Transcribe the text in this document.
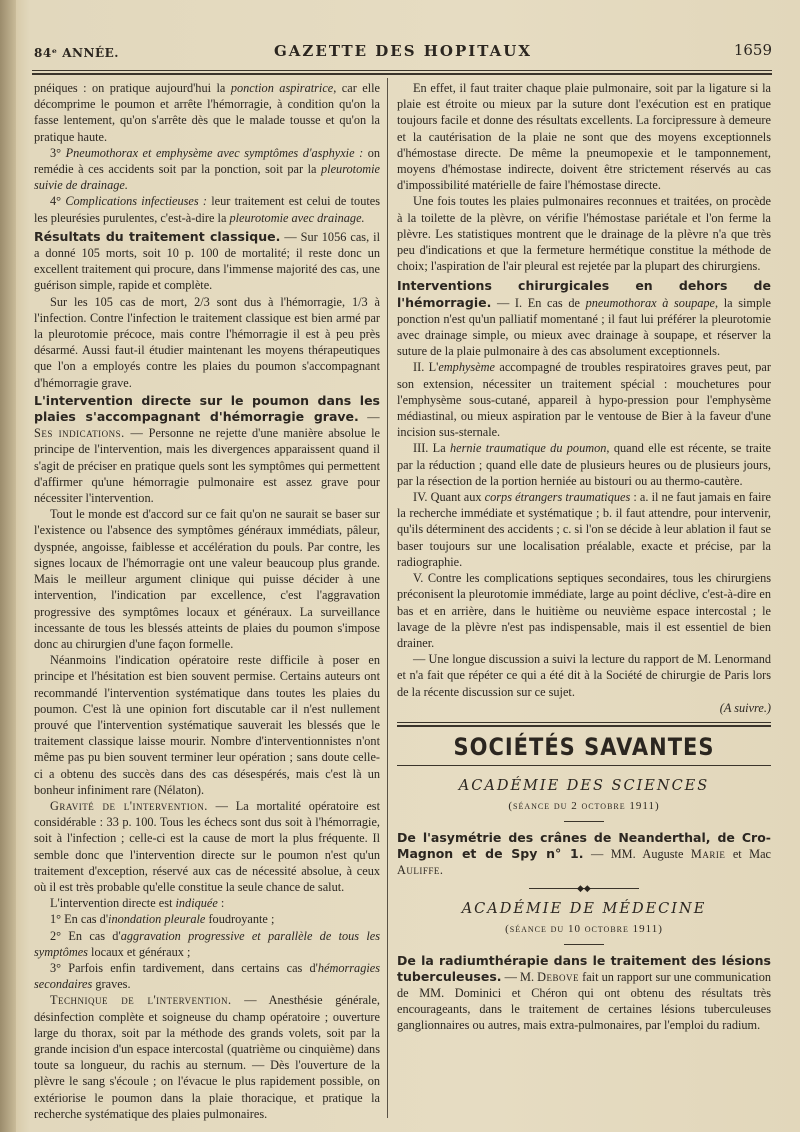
84ᵉ ANNÉE.	GAZETTE DES HOPITAUX	1659

pnéiques : on pratique aujourd'hui la ponction aspiratrice, car elle décomprime le poumon et arrête l'hémorragie, à condition qu'on la fasse lentement, qu'on s'arrête dès que le malade tousse et qu'on la pratique haute.

3° Pneumothorax et emphysème avec symptômes d'asphyxie : on remédie à ces accidents soit par la ponction, soit par la pleurotomie suivie de drainage.

4° Complications infectieuses : leur traitement est celui de toutes les pleurésies purulentes, c'est-à-dire la pleurotomie avec drainage.

Résultats du traitement classique. — Sur 1056 cas, il a donné 105 morts, soit 10 p. 100 de mortalité; il reste donc un excellent traitement qui procure, dans l'immense majorité des cas, une guérison simple, rapide et complète.

Sur les 105 cas de mort, 2/3 sont dus à l'hémorragie, 1/3 à l'infection. Contre l'infection le traitement classique est bien armé par la pleurotomie précoce, mais contre l'hémorragie il est à peu près désarmé. Aussi faut-il étudier maintenant les moyens thérapeutiques que l'on a employés contre les plaies du poumon s'accompagnant d'hémorragie grave.

L'intervention directe sur le poumon dans les plaies s'accompagnant d'hémorragie grave. — Ses indications. — Personne ne rejette d'une manière absolue le principe de l'intervention, mais les divergences apparaissent quand il s'agit de préciser en pratique quels sont les symptômes qui permettent d'affirmer qu'une hémorragie pulmonaire est assez grave pour nécessiter l'intervention.

Tout le monde est d'accord sur ce fait qu'on ne saurait se baser sur l'existence ou l'absence des symptômes généraux immédiats, pâleur, dyspnée, angoisse, faiblesse et accélération du pouls. Par contre, les signes locaux de l'hémorragie ont une valeur beaucoup plus grande. Mais le meilleur argument clinique qui puisse décider à une intervention, l'indication par excellence, c'est l'aggravation progressive des symptômes locaux et généraux. La surveillance incessante de tous les blessés atteints de plaies du poumon s'impose donc au chirurgien d'une façon formelle.

Néanmoins l'indication opératoire reste difficile à poser en principe et l'hésitation est bien souvent permise. Certains auteurs ont recommandé l'intervention systématique dans toutes les plaies du poumon. C'est là une opinion fort discutable car il n'est nullement prouvé que l'intervention systématique sauverait les blessés que le traitement classique laisse mourir. Nombre d'interventionnistes n'ont même pas pu bien souvent terminer leur opération ; sans doute celle-ci a obtenu des succès dans des cas désespérés, mais c'est là un bonheur infiniment rare (Nélaton).

Gravité de l'intervention. — La mortalité opératoire est considérable : 33 p. 100. Tous les échecs sont dus soit à l'hémorragie, soit à l'infection ; celle-ci est la cause de mort la plus fréquente. Il semble donc que l'intervention directe sur le poumon n'est qu'un traitement d'exception, réservé aux cas de nécessité absolue, à ceux où il est très probable qu'elle constitue la seule chance de salut.

L'intervention directe est indiquée :

1° En cas d'inondation pleurale foudroyante ;

2° En cas d'aggravation progressive et parallèle de tous les symptômes locaux et généraux ;

3° Parfois enfin tardivement, dans certains cas d'hémorragies secondaires graves.

Technique de l'intervention. — Anesthésie générale, désinfection complète et soigneuse du champ opératoire ; ouverture large du thorax, soit par la méthode des grands volets, soit par la grande incision d'un espace intercostal (quatrième ou cinquième) dans toute sa longueur, du rachis au sternum. — Dès l'ouverture de la plèvre le sang s'écoule ; on l'évacue le plus rapidement possible, on extériorise le poumon dans la plaie thoracique, et pratique la recherche systématique des plaies pulmonaires.

En effet, il faut traiter chaque plaie pulmonaire, soit par la ligature si la plaie est étroite ou mieux par la suture dont l'exécution est en pratique toujours facile et donne des résultats excellents. La forcipressure à demeure et la cautérisation de la plaie ne sont que des moyens exceptionnels d'hémostase directe. De même la pneumopexie et le tamponnement, moyens d'hémostase indirecte, doivent être strictement réservés au cas d'impossibilité matérielle de faire l'hémostase directe.

Une fois toutes les plaies pulmonaires reconnues et traitées, on procède à la toilette de la plèvre, on vérifie l'hémostase pariétale et l'on ferme la plèvre. Les statistiques montrent que le drainage de la plèvre n'a que très peu d'indications et que la fermeture hermétique constitue la méthode de choix; l'aspiration de l'air pleural est rejetée par la plupart des chirurgiens.

Interventions chirurgicales en dehors de l'hémorragie. — I. En cas de pneumothorax à soupape, la simple ponction n'est qu'un palliatif momentané ; il faut lui préférer la pleurotomie avec drainage simple, ou mieux avec drainage à soupape, et réserver la suture de la plaie pulmonaire à des cas absolument exceptionnels.

II. L'emphysème accompagné de troubles respiratoires graves peut, par son extension, nécessiter un traitement spécial : mouchetures pour l'emphysème sous-cutané, appareil à hypo-pression pour l'emphysème médiastinal, ou mieux aspiration par le ventouse de Bier à la faveur d'une incision sus-sternale.

III. La hernie traumatique du poumon, quand elle est récente, se traite par la réduction ; quand elle date de plusieurs heures ou de plusieurs jours, par la résection de la portion herniée au bistouri ou au thermo-cautère.

IV. Quant aux corps étrangers traumatiques : a. il ne faut jamais en faire la recherche immédiate et systématique ; b. il faut attendre, pour intervenir, qu'ils déterminent des accidents ; c. si l'on se décide à leur ablation il faut se baser toujours sur une localisation préalable, exacte et précise, par la radiographie.

V. Contre les complications septiques secondaires, tous les chirurgiens préconisent la pleurotomie immédiate, large au point déclive, c'est-à-dire en bas et en arrière, dans le huitième ou neuvième espace intercostal ; le lavage de la plèvre n'est pas indispensable, mais il est essentiel de bien drainer.

— Une longue discussion a suivi la lecture du rapport de M. Lenormand et n'a fait que répéter ce qui a été dit à la Société de chirurgie de Paris lors de la récente discussion sur ce sujet.

(A suivre.)

SOCIÉTÉS SAVANTES
ACADÉMIE DES SCIENCES
(séance du 2 octobre 1911)

De l'asymétrie des crânes de Neanderthal, de Cro-Magnon et de Spy n° 1. — MM. Auguste Marie et Mac Auliffe.

◆◆
ACADÉMIE DE MÉDECINE
(séance du 10 octobre 1911)

De la radiumthérapie dans le traitement des lésions tuberculeuses. — M. Debove fait un rapport sur une communication de MM. Dominici et Chéron qui ont obtenu des résultats très encourageants, dans le traitement de certaines lésions tuberculeuses ganglionnaires ou autres, mais extra-pulmonaires, par l'emploi du radium.
